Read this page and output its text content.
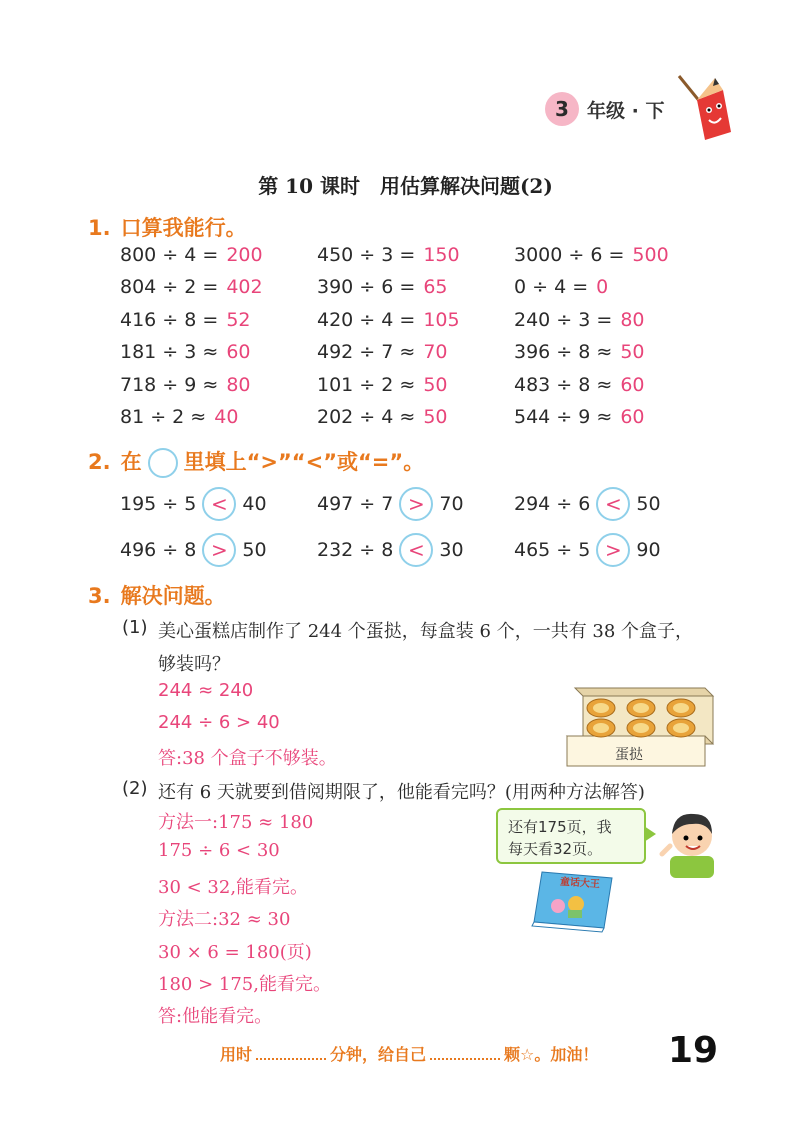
3 年级 · 下
第 10 课时　用估算解决问题(2)
1. 口算我能行。
800 ÷ 4 = 200	450 ÷ 3 = 150	3000 ÷ 6 = 500
804 ÷ 2 = 402	390 ÷ 6 = 65	0 ÷ 4 = 0
416 ÷ 8 = 52	420 ÷ 4 = 105	240 ÷ 3 = 80
181 ÷ 3 ≈ 60	492 ÷ 7 ≈ 70	396 ÷ 8 ≈ 50
718 ÷ 9 ≈ 80	101 ÷ 2 ≈ 50	483 ÷ 8 ≈ 60
81 ÷ 2 ≈ 40	202 ÷ 4 ≈ 50	544 ÷ 9 ≈ 60
2. 在 里填上“>”“<”或“=”。
195 ÷ 5 < 40	497 ÷ 7 > 70	294 ÷ 6 < 50
496 ÷ 8 > 50	232 ÷ 8 < 30	465 ÷ 5 > 90
3. 解决问题。
(1) 美心蛋糕店制作了 244 个蛋挞，每盒装 6 个，一共有 38 个盒子，
够装吗？
244 ≈ 240
244 ÷ 6 > 40
答:38 个盒子不够装。	蛋挞
(2) 还有 6 天就要到借阅期限了，他能看完吗？(用两种方法解答)
方法一:175 ≈ 180
175 ÷ 6 < 30
30 < 32,能看完。
方法二:32 ≈ 30
30 × 6 = 180(页)
180 > 175,能看完。
答:他能看完。
还有175页，我
每天看32页。
童话大王
用时	分钟，给自己	颗☆。加油！ 19
